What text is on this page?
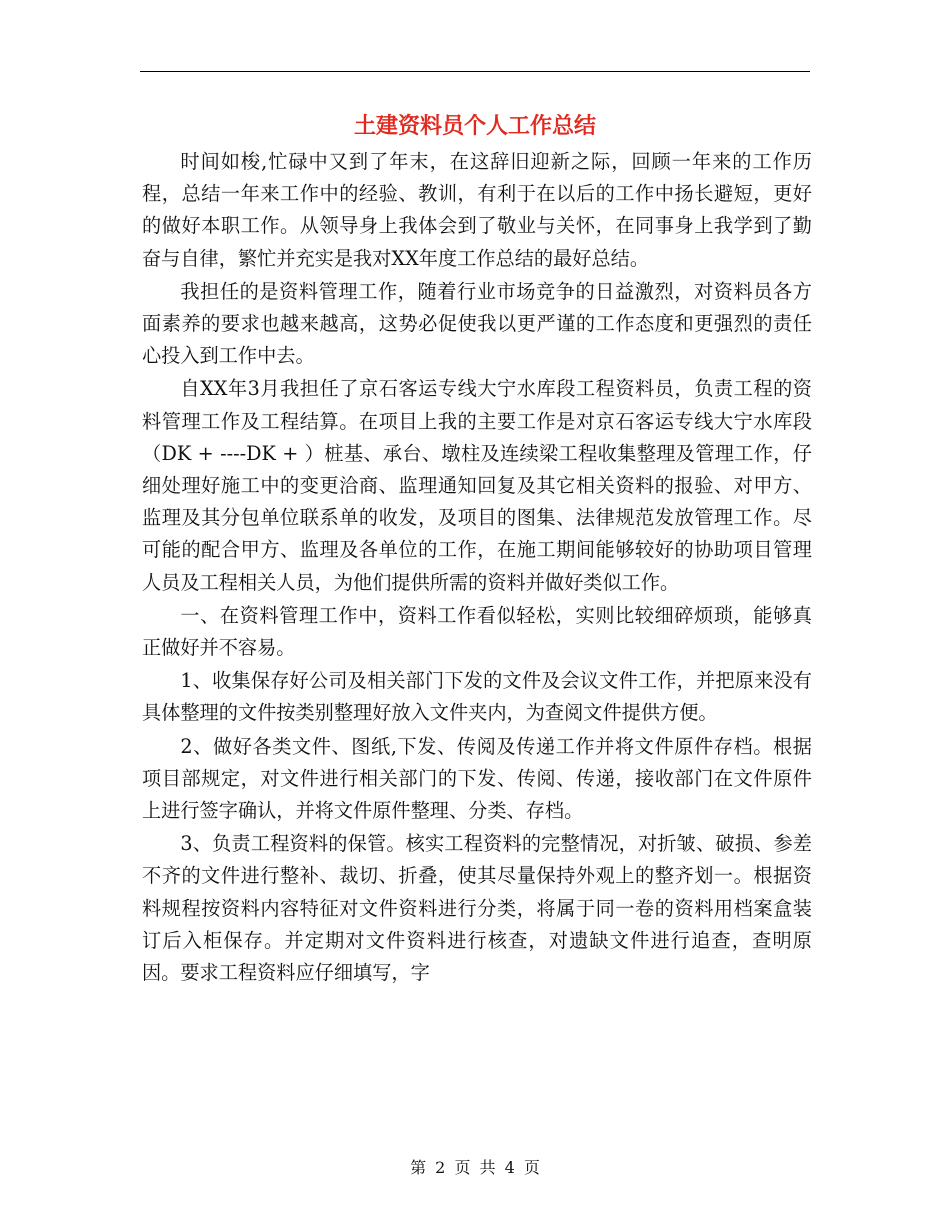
土建资料员个人工作总结

时间如梭,忙碌中又到了年末，在这辞旧迎新之际，回顾一年来的工作历程，总结一年来工作中的经验、教训，有利于在以后的工作中扬长避短，更好的做好本职工作。从领导身上我体会到了敬业与关怀，在同事身上我学到了勤奋与自律，繁忙并充实是我对XX年度工作总结的最好总结。

我担任的是资料管理工作，随着行业市场竞争的日益激烈，对资料员各方面素养的要求也越来越高，这势必促使我以更严谨的工作态度和更强烈的责任心投入到工作中去。

自XX年3月我担任了京石客运专线大宁水库段工程资料员，负责工程的资料管理工作及工程结算。在项目上我的主要工作是对京石客运专线大宁水库段（DK + ----DK + ）桩基、承台、墩柱及连续梁工程收集整理及管理工作，仔细处理好施工中的变更洽商、监理通知回复及其它相关资料的报验、对甲方、监理及其分包单位联系单的收发，及项目的图集、法律规范发放管理工作。尽可能的配合甲方、监理及各单位的工作，在施工期间能够较好的协助项目管理人员及工程相关人员，为他们提供所需的资料并做好类似工作。

一、在资料管理工作中，资料工作看似轻松，实则比较细碎烦琐，能够真正做好并不容易。

1、收集保存好公司及相关部门下发的文件及会议文件工作，并把原来没有具体整理的文件按类别整理好放入文件夹内，为查阅文件提供方便。

2、做好各类文件、图纸,下发、传阅及传递工作并将文件原件存档。根据项目部规定，对文件进行相关部门的下发、传阅、传递，接收部门在文件原件上进行签字确认，并将文件原件整理、分类、存档。

3、负责工程资料的保管。核实工程资料的完整情况，对折皱、破损、参差不齐的文件进行整补、裁切、折叠，使其尽量保持外观上的整齐划一。根据资料规程按资料内容特征对文件资料进行分类，将属于同一卷的资料用档案盒装订后入柜保存。并定期对文件资料进行核查，对遗缺文件进行追查，查明原因。要求工程资料应仔细填写，字

第 2 页 共 4 页
